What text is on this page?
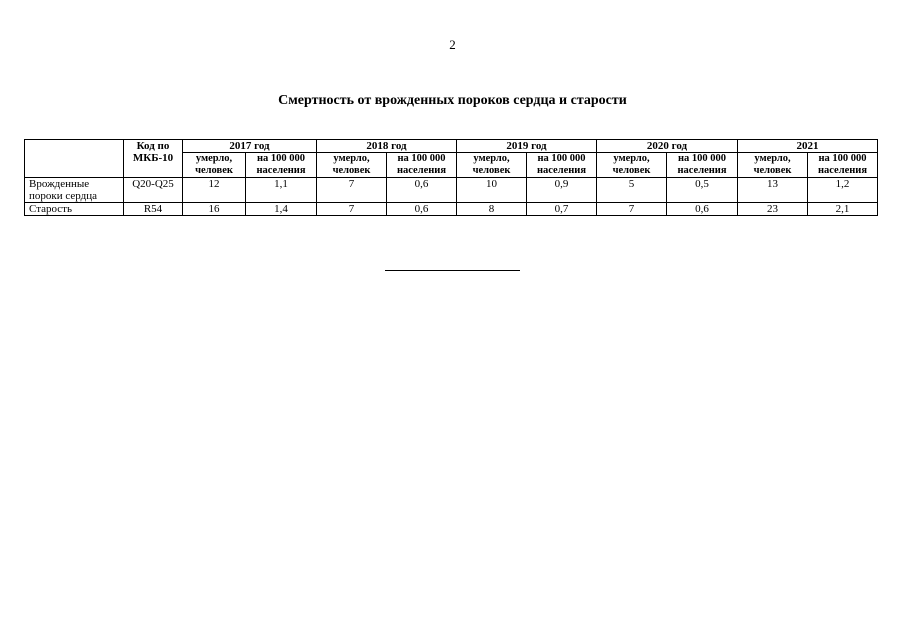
2
Смертность от врожденных пороков сердца и старости
	Код по МКБ-10	2017 год		2018 год		2019 год		2020 год		2021	
		умерло, человек	на 100 000 населения	умерло, человек	на 100 000 населения	умерло, человек	на 100 000 населения	умерло, человек	на 100 000 населения	умерло, человек	на 100 000 населения
Врожденные пороки сердца	Q20-Q25	12	1,1	7	0,6	10	0,9	5	0,5	13	1,2
Старость	R54	16	1,4	7	0,6	8	0,7	7	0,6	23	2,1
